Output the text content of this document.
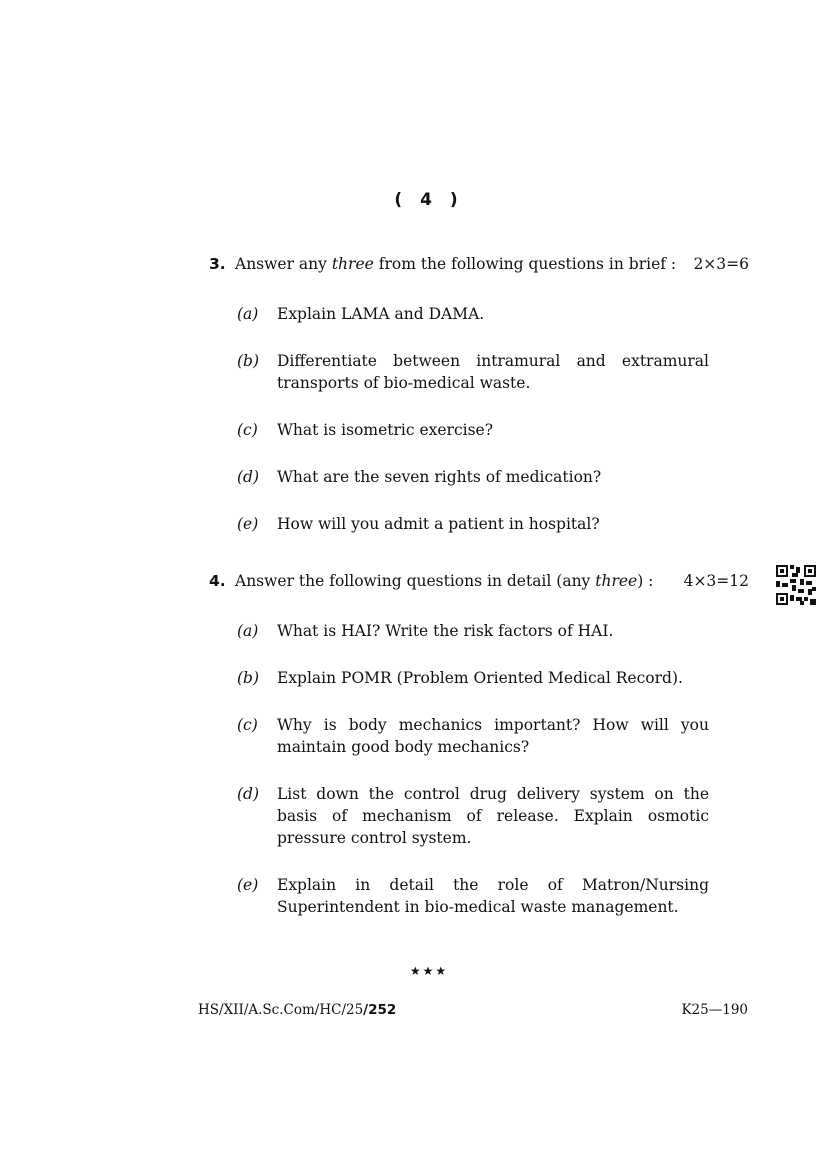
( 4 )
3. Answer any three from the following questions in brief :	2×3=6
(a)	Explain LAMA and DAMA.
(b)	Differentiate between intramural and extramural transports of bio-medical waste.
(c)	What is isometric exercise?
(d)	What are the seven rights of medication?
(e)	How will you admit a patient in hospital?
4. Answer the following questions in detail (any three) :	4×3=12
(a)	What is HAI? Write the risk factors of HAI.
(b)	Explain POMR (Problem Oriented Medical Record).
(c)	Why is body mechanics important? How will you maintain good body mechanics?
(d)	List down the control drug delivery system on the basis of mechanism of release. Explain osmotic pressure control system.
(e)	Explain in detail the role of Matron/Nursing Superintendent in bio-medical waste management.
★★★
HS/XII/A.Sc.Com/HC/25/252	K25—190
